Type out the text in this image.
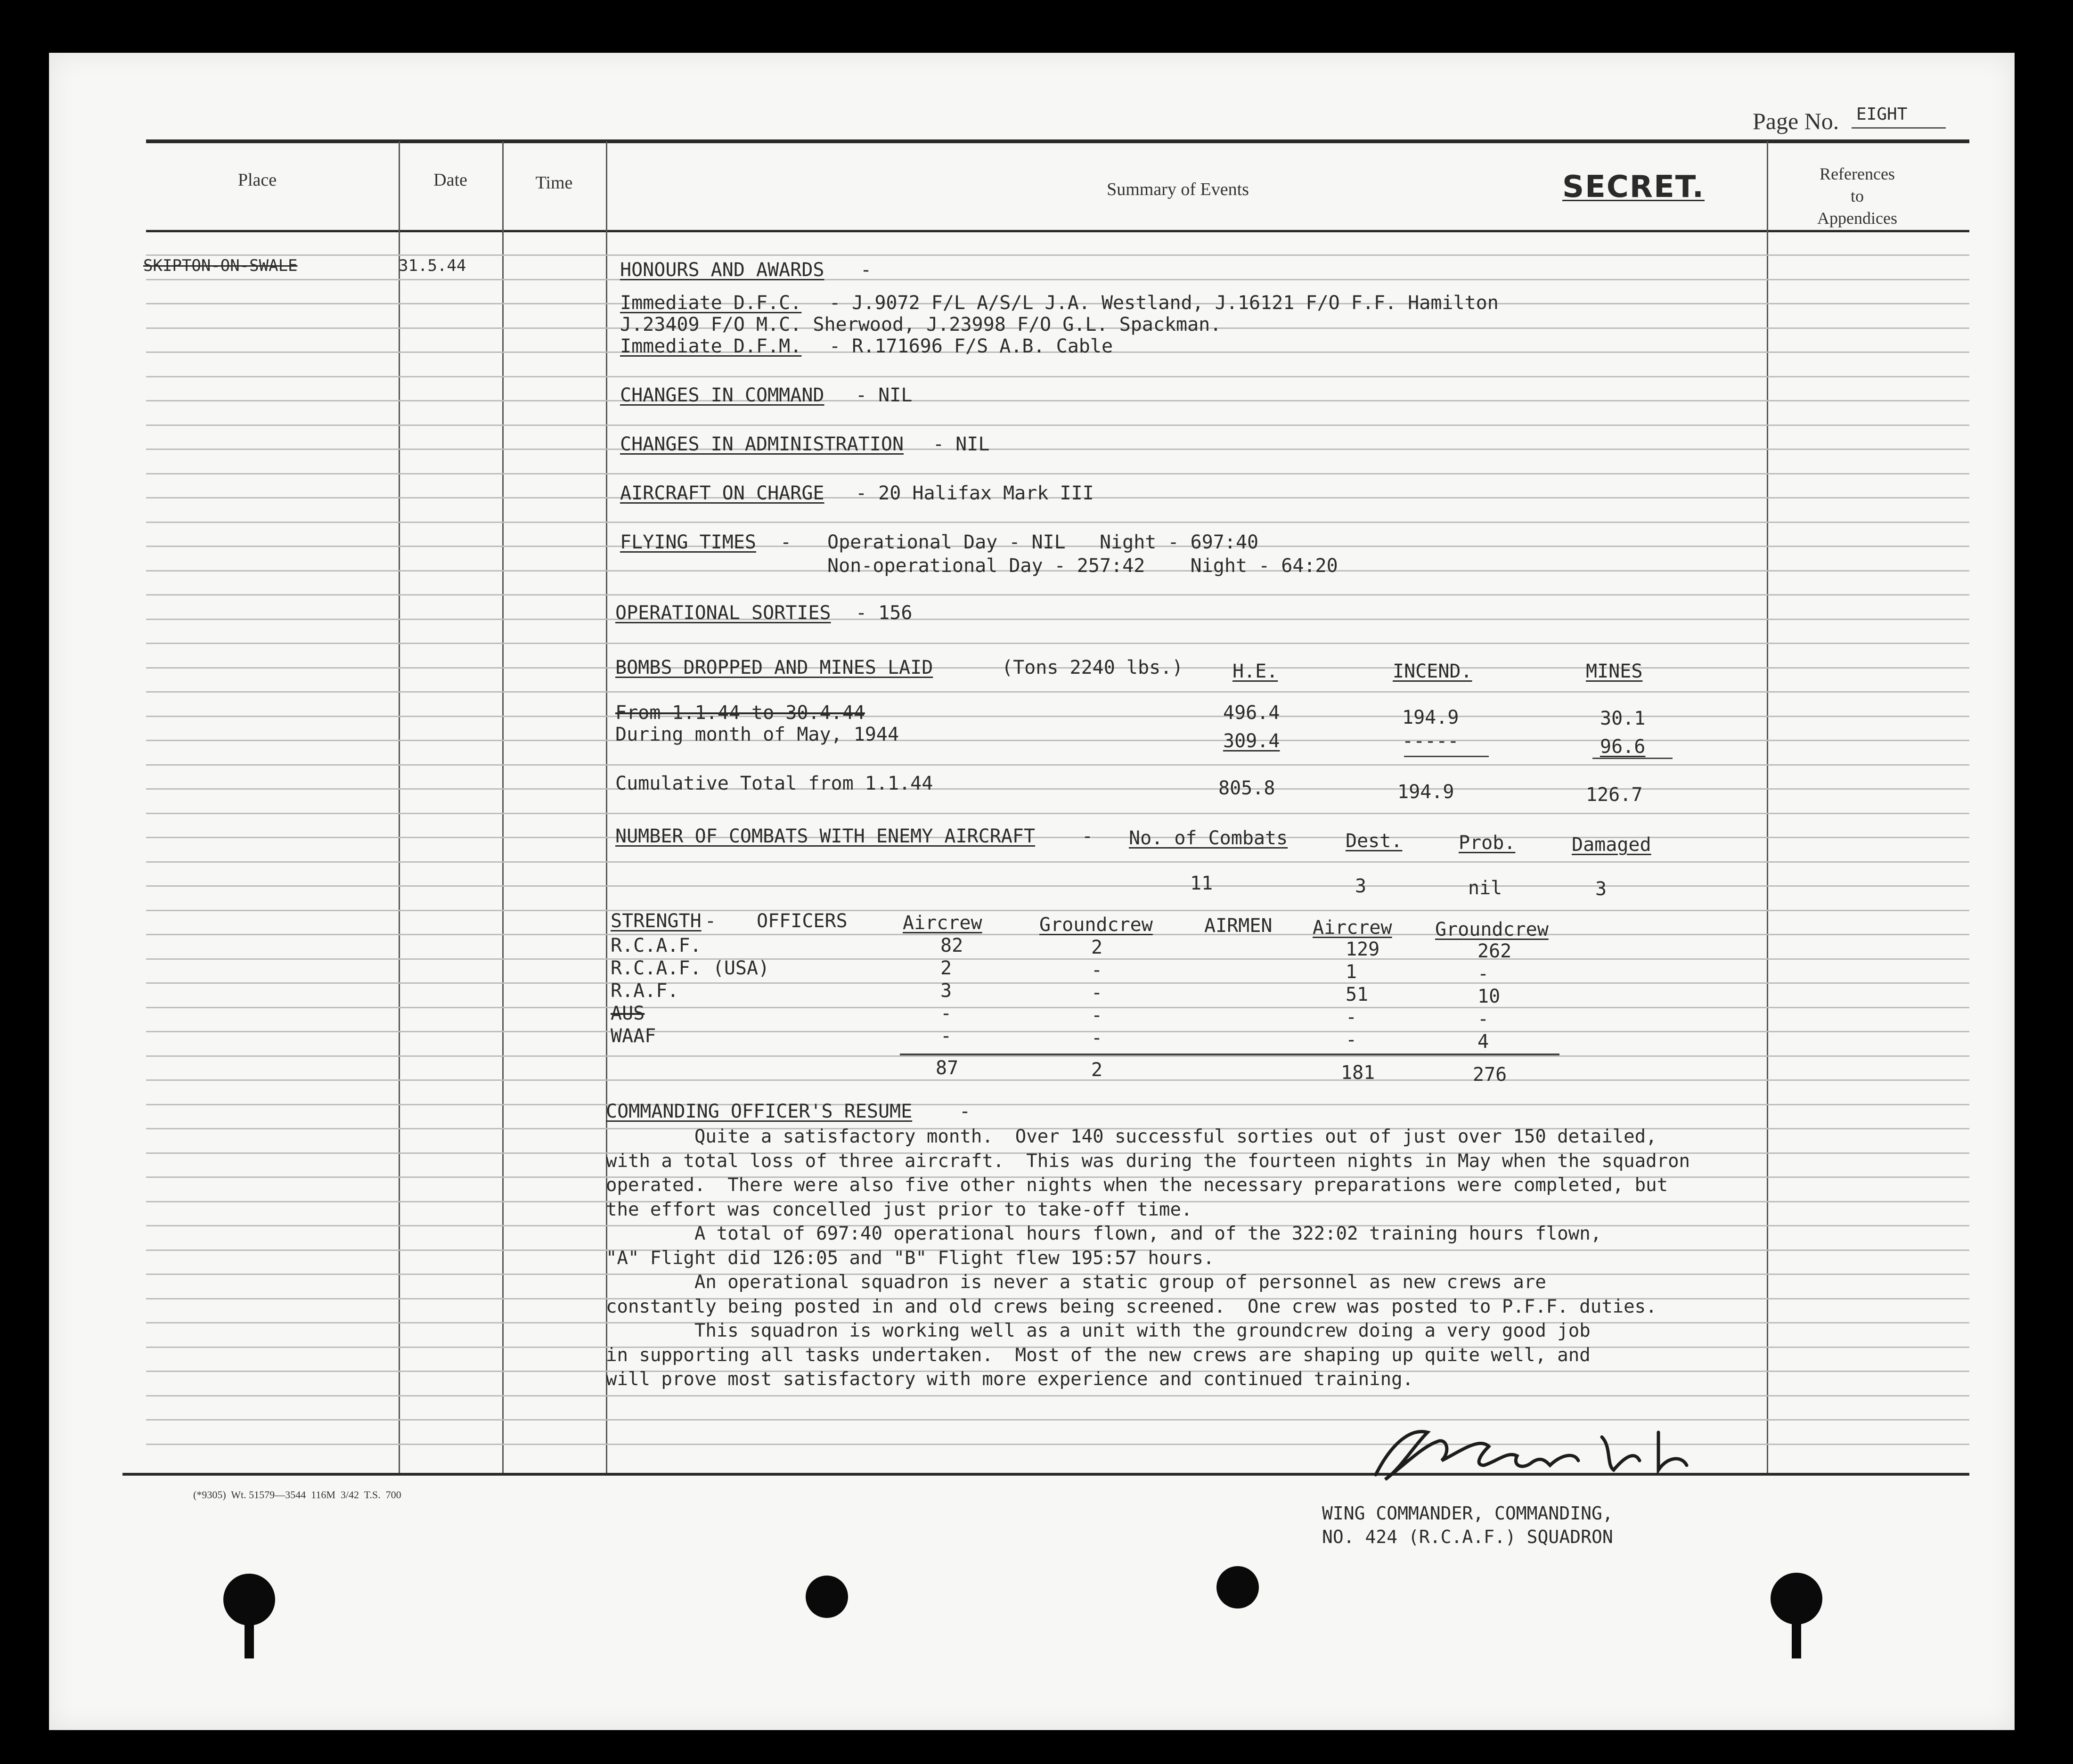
Page No. EIGHT
Place	Date	Time	Summary of Events	SECRET.	References
to
Appendices
SKIPTON-ON-SWALE	31.5.44	HONOURS AND AWARDS -
Immediate D.F.C. - J.9072 F/L A/S/L J.A. Westland, J.16121 F/O F.F. Hamilton
J.23409 F/O M.C. Sherwood, J.23998 F/O G.L. Spackman.
Immediate D.F.M. - R.171696 F/S A.B. Cable
CHANGES IN COMMAND - NIL
CHANGES IN ADMINISTRATION - NIL
AIRCRAFT ON CHARGE - 20 Halifax Mark III
FLYING TIMES - Operational Day - NIL   Night - 697:40
Non-operational Day - 257:42    Night - 64:20
OPERATIONAL SORTIES - 156
BOMBS DROPPED AND MINES LAID	(Tons 2240 lbs.)	H.E.	INCEND.	MINES
From 1.1.44 to 30.4.44	496.4	194.9	30.1
During month of May, 1944	309.4	-----	96.6
Cumulative Total from 1.1.44	805.8	194.9	126.7
NUMBER OF COMBATS WITH ENEMY AIRCRAFT - No. of Combats	Dest.	Prob.	Damaged
11	3	nil	3
STRENGTH - OFFICERS	AIRMEN
Aircrew	Groundcrew	Aircrew Groundcrew
R.C.A.F.	82	2	129	262
R.C.A.F. (USA)	2	-	1	-
R.A.F.	3	-	51	10
AUS	-	-	-	-
WAAF	-	-	-	4
87	2	181	276
COMMANDING OFFICER'S RESUME -
Quite a satisfactory month.  Over 140 successful sorties out of just over 150 detailed,
with a total loss of three aircraft.  This was during the fourteen nights in May when the squadron
operated.  There were also five other nights when the necessary preparations were completed, but
the effort was concelled just prior to take-off time.
A total of 697:40 operational hours flown, and of the 322:02 training hours flown,
"A" Flight did 126:05 and "B" Flight flew 195:57 hours.
An operational squadron is never a static group of personnel as new crews are
constantly being posted in and old crews being screened.  One crew was posted to P.F.F. duties.
This squadron is working well as a unit with the groundcrew doing a very good job
in supporting all tasks undertaken.  Most of the new crews are shaping up quite well, and
will prove most satisfactory with more experience and continued training.
(*9305)  Wt. 51579—3544  116M  3/42  T.S.  700
WING COMMANDER, COMMANDING,
NO. 424 (R.C.A.F.) SQUADRON
